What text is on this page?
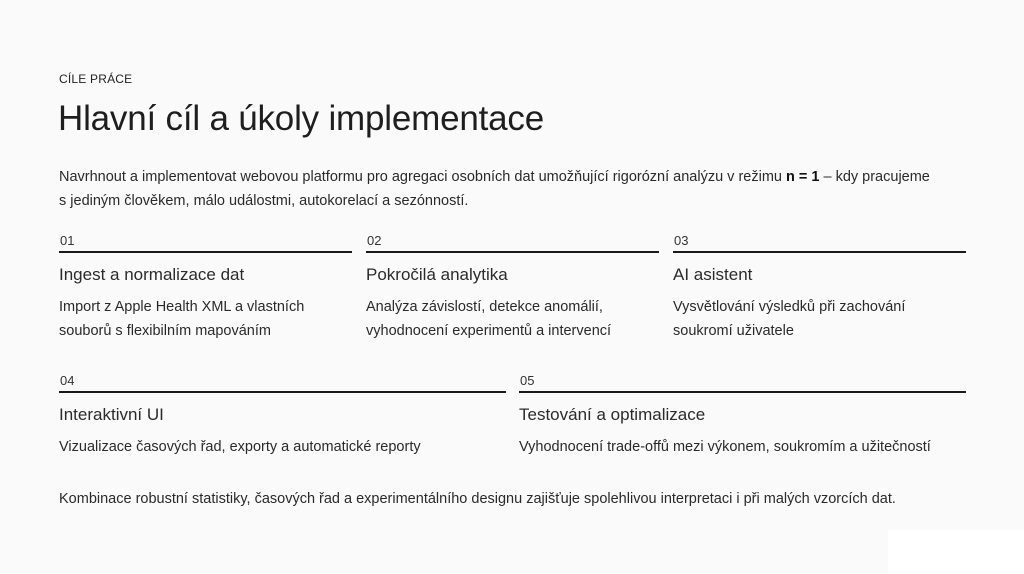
CÍLE PRÁCE
Hlavní cíl a úkoly implementace

Navrhnout a implementovat webovou platformu pro agregaci osobních dat umožňující rigorózní analýzu v režimu n = 1 – kdy pracujeme s jediným člověkem, málo událostmi, autokorelací a sezónností.

01
Ingest a normalizace dat
Import z Apple Health XML a vlastních souborů s flexibilním mapováním
02
Pokročilá analytika
Analýza závislostí, detekce anomálií, vyhodnocení experimentů a intervencí
03
AI asistent
Vysvětlování výsledků při zachování soukromí uživatele
04
Interaktivní UI
Vizualizace časových řad, exporty a automatické reporty
05
Testování a optimalizace
Vyhodnocení trade-offů mezi výkonem, soukromím a užitečností

Kombinace robustní statistiky, časových řad a experimentálního designu zajišťuje spolehlivou interpretaci i při malých vzorcích dat.
